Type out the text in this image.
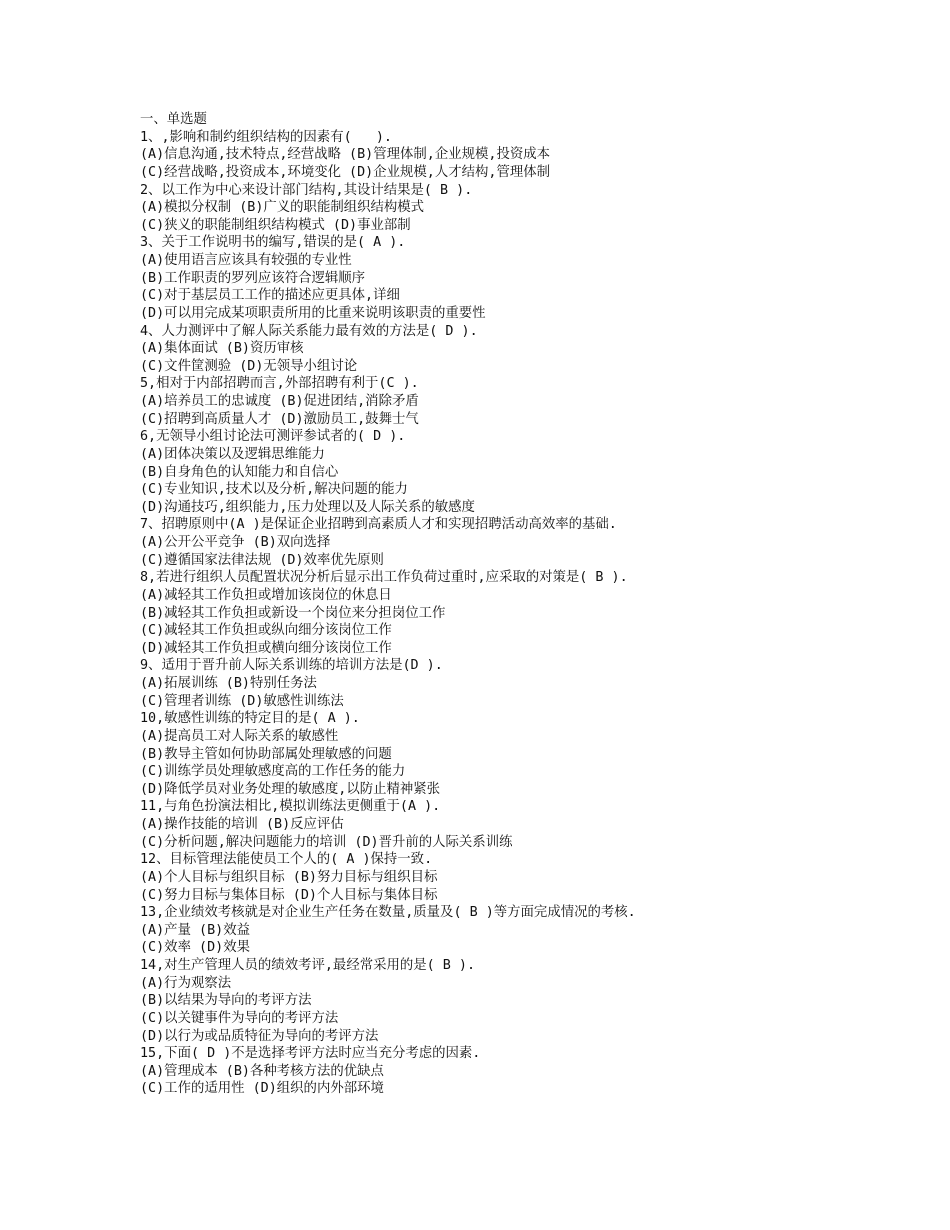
一、单选题
1、,影响和制约组织结构的因素有(   ).
(A)信息沟通,技术特点,经营战略 (B)管理体制,企业规模,投资成本
(C)经营战略,投资成本,环境变化 (D)企业规模,人才结构,管理体制
2、以工作为中心来设计部门结构,其设计结果是( B ).
(A)模拟分权制 (B)广义的职能制组织结构模式
(C)狭义的职能制组织结构模式 (D)事业部制
3、关于工作说明书的编写,错误的是( A ).
(A)使用语言应该具有较强的专业性
(B)工作职责的罗列应该符合逻辑顺序
(C)对于基层员工工作的描述应更具体,详细
(D)可以用完成某项职责所用的比重来说明该职责的重要性
4、人力测评中了解人际关系能力最有效的方法是( D ).
(A)集体面试 (B)资历审核
(C)文件筐测验 (D)无领导小组讨论
5,相对于内部招聘而言,外部招聘有利于(C ).
(A)培养员工的忠诚度 (B)促进团结,消除矛盾
(C)招聘到高质量人才 (D)激励员工,鼓舞士气
6,无领导小组讨论法可测评参试者的( D ).
(A)团体决策以及逻辑思维能力
(B)自身角色的认知能力和自信心
(C)专业知识,技术以及分析,解决问题的能力
(D)沟通技巧,组织能力,压力处理以及人际关系的敏感度
7、招聘原则中(A )是保证企业招聘到高素质人才和实现招聘活动高效率的基础.
(A)公开公平竞争 (B)双向选择
(C)遵循国家法律法规 (D)效率优先原则
8,若进行组织人员配置状况分析后显示出工作负荷过重时,应采取的对策是( B ).
(A)减轻其工作负担或增加该岗位的休息日
(B)减轻其工作负担或新设一个岗位来分担岗位工作
(C)减轻其工作负担或纵向细分该岗位工作
(D)减轻其工作负担或横向细分该岗位工作
9、适用于晋升前人际关系训练的培训方法是(D ).
(A)拓展训练 (B)特别任务法
(C)管理者训练 (D)敏感性训练法
10,敏感性训练的特定目的是( A ).
(A)提高员工对人际关系的敏感性
(B)教导主管如何协助部属处理敏感的问题
(C)训练学员处理敏感度高的工作任务的能力
(D)降低学员对业务处理的敏感度,以防止精神紧张
11,与角色扮演法相比,模拟训练法更侧重于(A ).
(A)操作技能的培训 (B)反应评估
(C)分析问题,解决问题能力的培训 (D)晋升前的人际关系训练
12、目标管理法能使员工个人的( A )保持一致.
(A)个人目标与组织目标 (B)努力目标与组织目标
(C)努力目标与集体目标 (D)个人目标与集体目标
13,企业绩效考核就是对企业生产任务在数量,质量及( B )等方面完成情况的考核.
(A)产量 (B)效益
(C)效率 (D)效果
14,对生产管理人员的绩效考评,最经常采用的是( B ).
(A)行为观察法
(B)以结果为导向的考评方法
(C)以关键事件为导向的考评方法
(D)以行为或品质特征为导向的考评方法
15,下面( D )不是选择考评方法时应当充分考虑的因素.
(A)管理成本 (B)各种考核方法的优缺点
(C)工作的适用性 (D)组织的内外部环境
